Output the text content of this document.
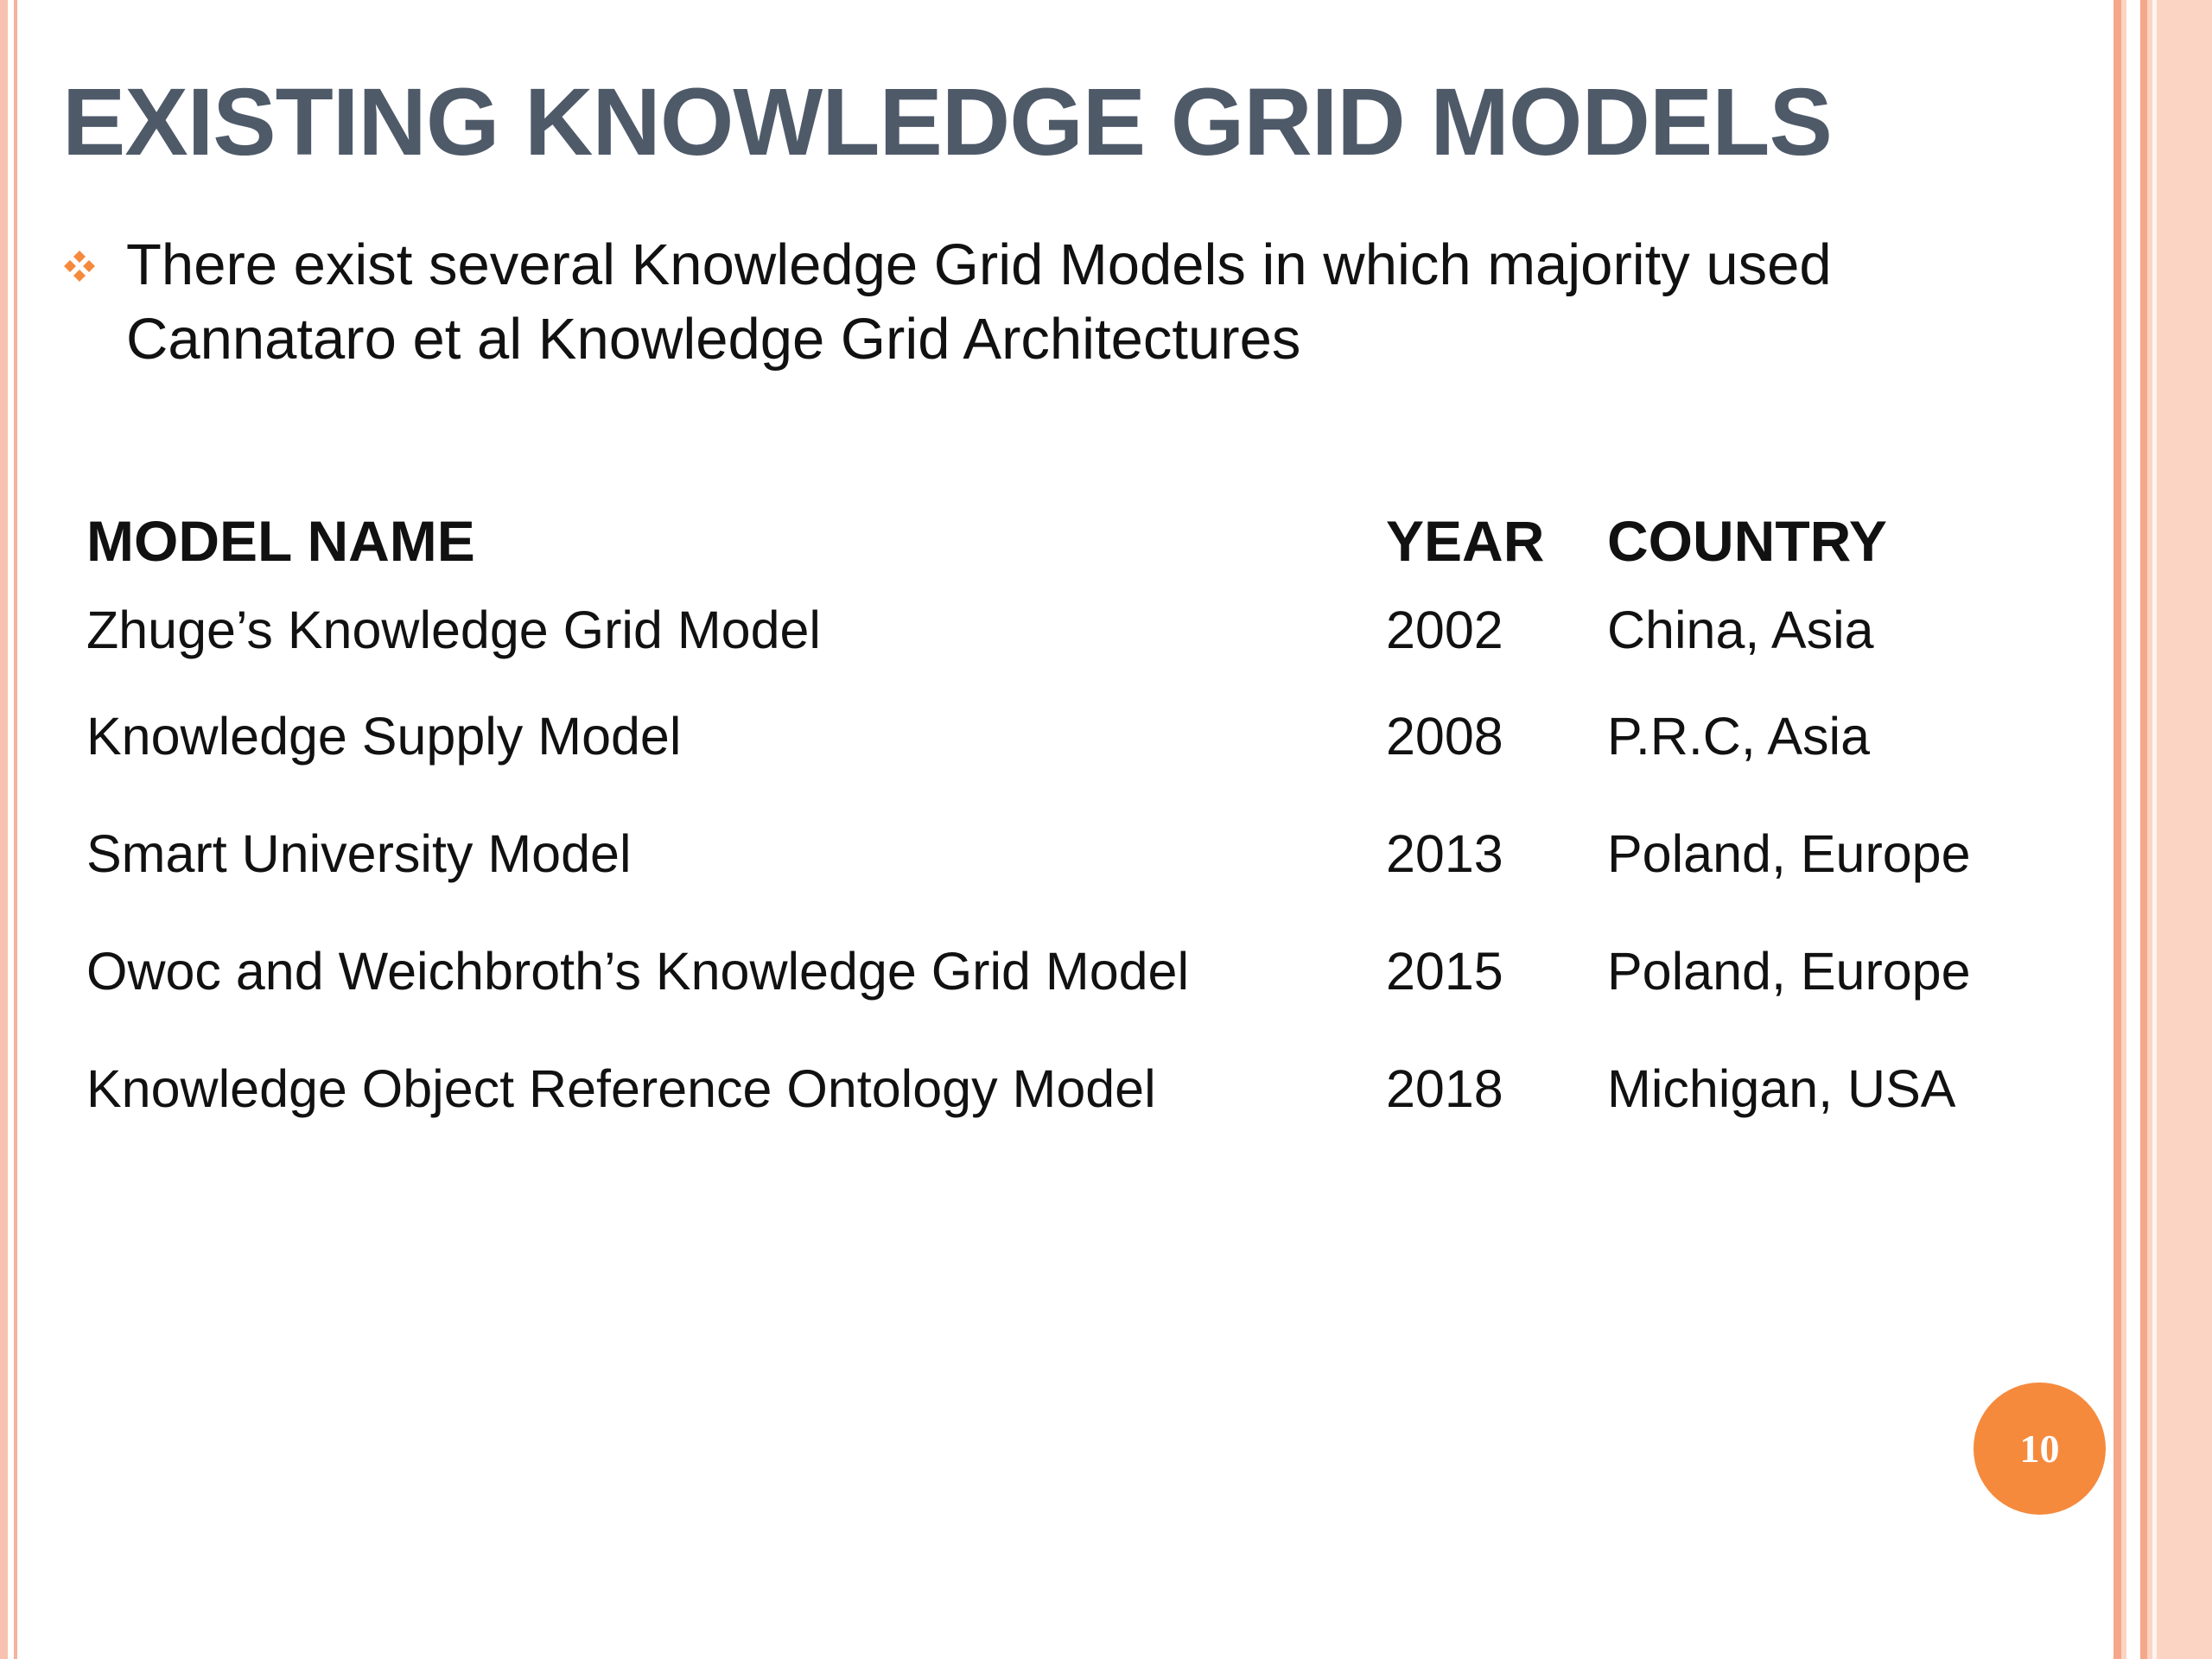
EXISTING KNOWLEDGE GRID MODELS

There exist several Knowledge Grid Models in which majority used Cannataro et al Knowledge Grid Architectures

MODEL NAME	YEAR	COUNTRY
Zhuge’s Knowledge Grid Model	2002	China, Asia
Knowledge Supply Model	2008	P.R.C, Asia
Smart University Model	2013	Poland, Europe
Owoc and Weichbroth’s Knowledge Grid Model	2015	Poland, Europe
Knowledge Object Reference Ontology Model	2018	Michigan, USA
10
